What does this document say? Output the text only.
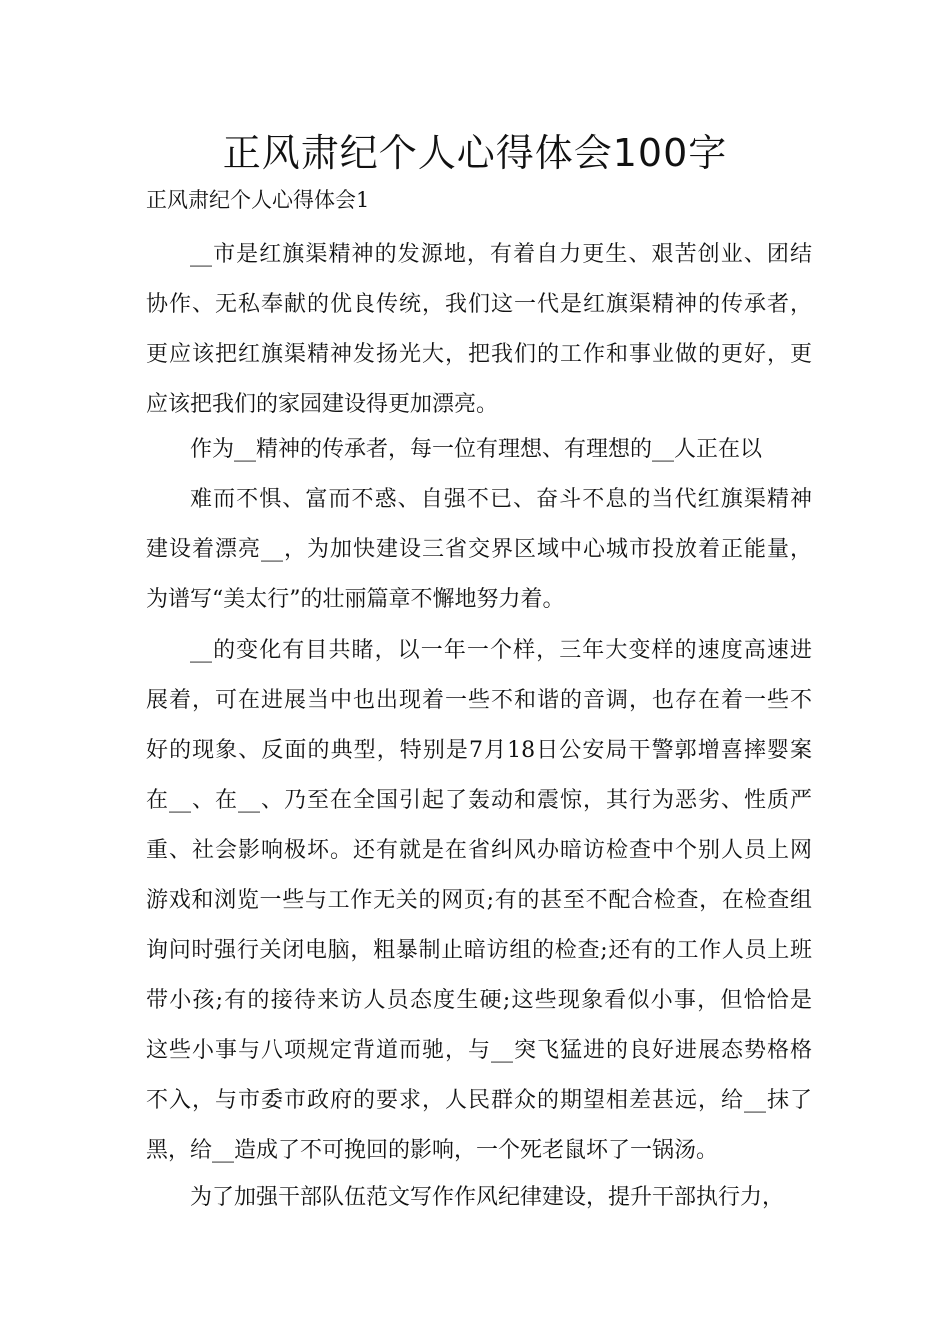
正风肃纪个人心得体会100字

正风肃纪个人心得体会1

__市是红旗渠精神的发源地，有着自力更生、艰苦创业、团结
协作、无私奉献的优良传统，我们这一代是红旗渠精神的传承者，
更应该把红旗渠精神发扬光大，把我们的工作和事业做的更好，更
应该把我们的家园建设得更加漂亮。

作为__精神的传承者，每一位有理想、有理想的__人正在以

难而不惧、富而不惑、自强不已、奋斗不息的当代红旗渠精神
建设着漂亮__，为加快建设三省交界区域中心城市投放着正能量，
为谱写“美太行”的壮丽篇章不懈地努力着。

__的变化有目共睹，以一年一个样，三年大变样的速度高速进
展着，可在进展当中也出现着一些不和谐的音调，也存在着一些不
好的现象、反面的典型，特别是7月18日公安局干警郭增喜摔婴案
在__、在__、乃至在全国引起了轰动和震惊，其行为恶劣、性质严
重、社会影响极坏。还有就是在省纠风办暗访检查中个别人员上网
游戏和浏览一些与工作无关的网页;有的甚至不配合检查，在检查组
询问时强行关闭电脑，粗暴制止暗访组的检查;还有的工作人员上班
带小孩;有的接待来访人员态度生硬;这些现象看似小事，但恰恰是
这些小事与八项规定背道而驰，与__突飞猛进的良好进展态势格格
不入，与市委市政府的要求，人民群众的期望相差甚远，给__抹了
黑，给__造成了不可挽回的影响，一个死老鼠坏了一锅汤。

为了加强干部队伍范文写作作风纪律建设，提升干部执行力，
